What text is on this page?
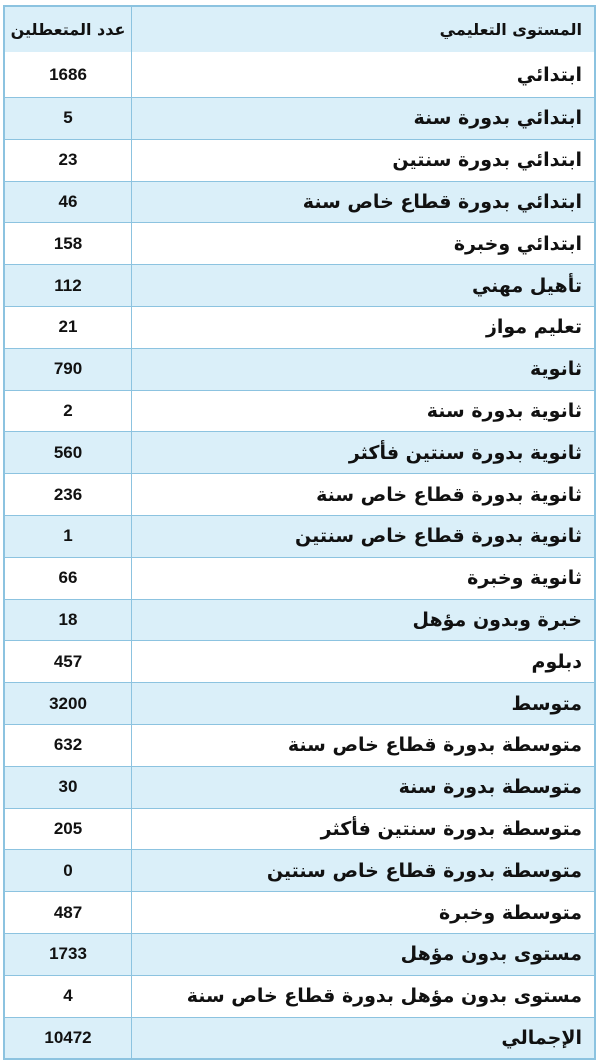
عدد المتعطلين	المستوى التعليمي
1686	ابتدائي
5	ابتدائي بدورة سنة
23	ابتدائي بدورة سنتين
46	ابتدائي بدورة قطاع خاص سنة
158	ابتدائي وخبرة
112	تأهيل مهني
21	تعليم مواز
790	ثانوية
2	ثانوية بدورة سنة
560	ثانوية بدورة سنتين فأكثر
236	ثانوية بدورة قطاع خاص سنة
1	ثانوية بدورة قطاع خاص سنتين
66	ثانوية وخبرة
18	خبرة وبدون مؤهل
457	دبلوم
3200	متوسط
632	متوسطة بدورة قطاع خاص سنة
30	متوسطة بدورة سنة
205	متوسطة بدورة سنتين فأكثر
0	متوسطة بدورة قطاع خاص سنتين
487	متوسطة وخبرة
1733	مستوى بدون مؤهل
4	مستوى بدون مؤهل بدورة قطاع خاص سنة
10472	الإجمالي
